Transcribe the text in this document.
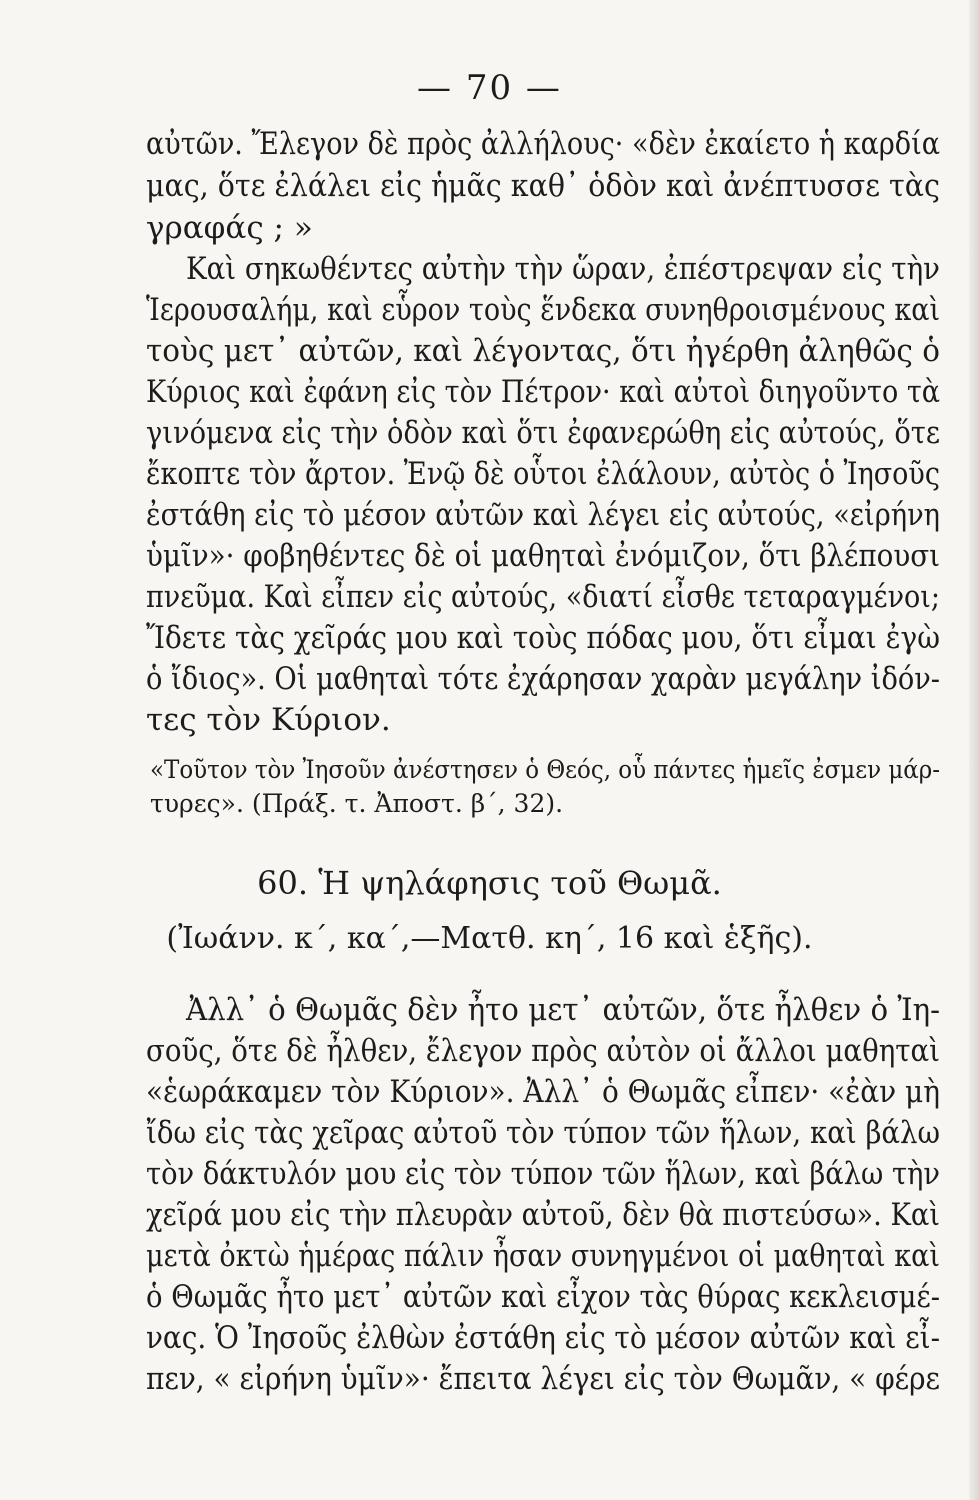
— 70 —
αὐτῶν. Ἔλεγον δὲ πρὸς ἀλλήλους· «δὲν ἐκαίετο ἡ καρδία
μας, ὅτε ἐλάλει εἰς ἡμᾶς καθ᾽ ὁδὸν καὶ ἀνέπτυσσε τὰς
γραφάς ; »
Καὶ σηκωθέντες αὐτὴν τὴν ὥραν, ἐπέστρεψαν εἰς τὴν
Ἱερουσαλήμ, καὶ εὗρον τοὺς ἕνδεκα συνηθροισμένους καὶ
τοὺς μετ᾽ αὐτῶν, καὶ λέγοντας, ὅτι ἠγέρθη ἀληθῶς ὁ
Κύριος καὶ ἐφάνη εἰς τὸν Πέτρον· καὶ αὐτοὶ διηγοῦντο τὰ
γινόμενα εἰς τὴν ὁδὸν καὶ ὅτι ἐφανερώθη εἰς αὐτούς, ὅτε
ἔκοπτε τὸν ἄρτον. Ἐνῷ δὲ οὗτοι ἐλάλουν, αὐτὸς ὁ Ἰησοῦς
ἐστάθη εἰς τὸ μέσον αὐτῶν καὶ λέγει εἰς αὐτούς, «εἰρήνη
ὑμῖν»· φοβηθέντες δὲ οἱ μαθηταὶ ἐνόμιζον, ὅτι βλέπουσι
πνεῦμα. Καὶ εἶπεν εἰς αὐτούς, «διατί εἶσθε τεταραγμένοι;
Ἴδετε τὰς χεῖράς μου καὶ τοὺς πόδας μου, ὅτι εἶμαι ἐγὼ
ὁ ἴδιος». Οἱ μαθηταὶ τότε ἐχάρησαν χαρὰν μεγάλην ἰδόν-
τες τὸν Κύριον.
«Τοῦτον τὸν Ἰησοῦν ἀνέστησεν ὁ Θεός, οὗ πάντες ἡμεῖς ἐσμεν μάρ-
τυρες». (Πράξ. τ. Ἀποστ. β΄, 32).
60. Ἡ ψηλάφησις τοῦ Θωμᾶ.
(Ἰωάνν. κ΄, κα΄,—Ματθ. κη΄, 16 καὶ ἑξῆς).
Ἀλλ᾽ ὁ Θωμᾶς δὲν ἦτο μετ᾽ αὐτῶν, ὅτε ἦλθεν ὁ Ἰη-
σοῦς, ὅτε δὲ ἦλθεν, ἔλεγον πρὸς αὐτὸν οἱ ἄλλοι μαθηταὶ
«ἑωράκαμεν τὸν Κύριον». Ἀλλ᾽ ὁ Θωμᾶς εἶπεν· «ἐὰν μὴ
ἴδω εἰς τὰς χεῖρας αὐτοῦ τὸν τύπον τῶν ἥλων, καὶ βάλω
τὸν δάκτυλόν μου εἰς τὸν τύπον τῶν ἥλων, καὶ βάλω τὴν
χεῖρά μου εἰς τὴν πλευρὰν αὐτοῦ, δὲν θὰ πιστεύσω». Καὶ
μετὰ ὀκτὼ ἡμέρας πάλιν ἦσαν συνηγμένοι οἱ μαθηταὶ καὶ
ὁ Θωμᾶς ἦτο μετ᾽ αὐτῶν καὶ εἶχον τὰς θύρας κεκλεισμέ-
νας. Ὁ Ἰησοῦς ἐλθὼν ἐστάθη εἰς τὸ μέσον αὐτῶν καὶ εἶ-
πεν, « εἰρήνη ὑμῖν»· ἔπειτα λέγει εἰς τὸν Θωμᾶν, « φέρε
